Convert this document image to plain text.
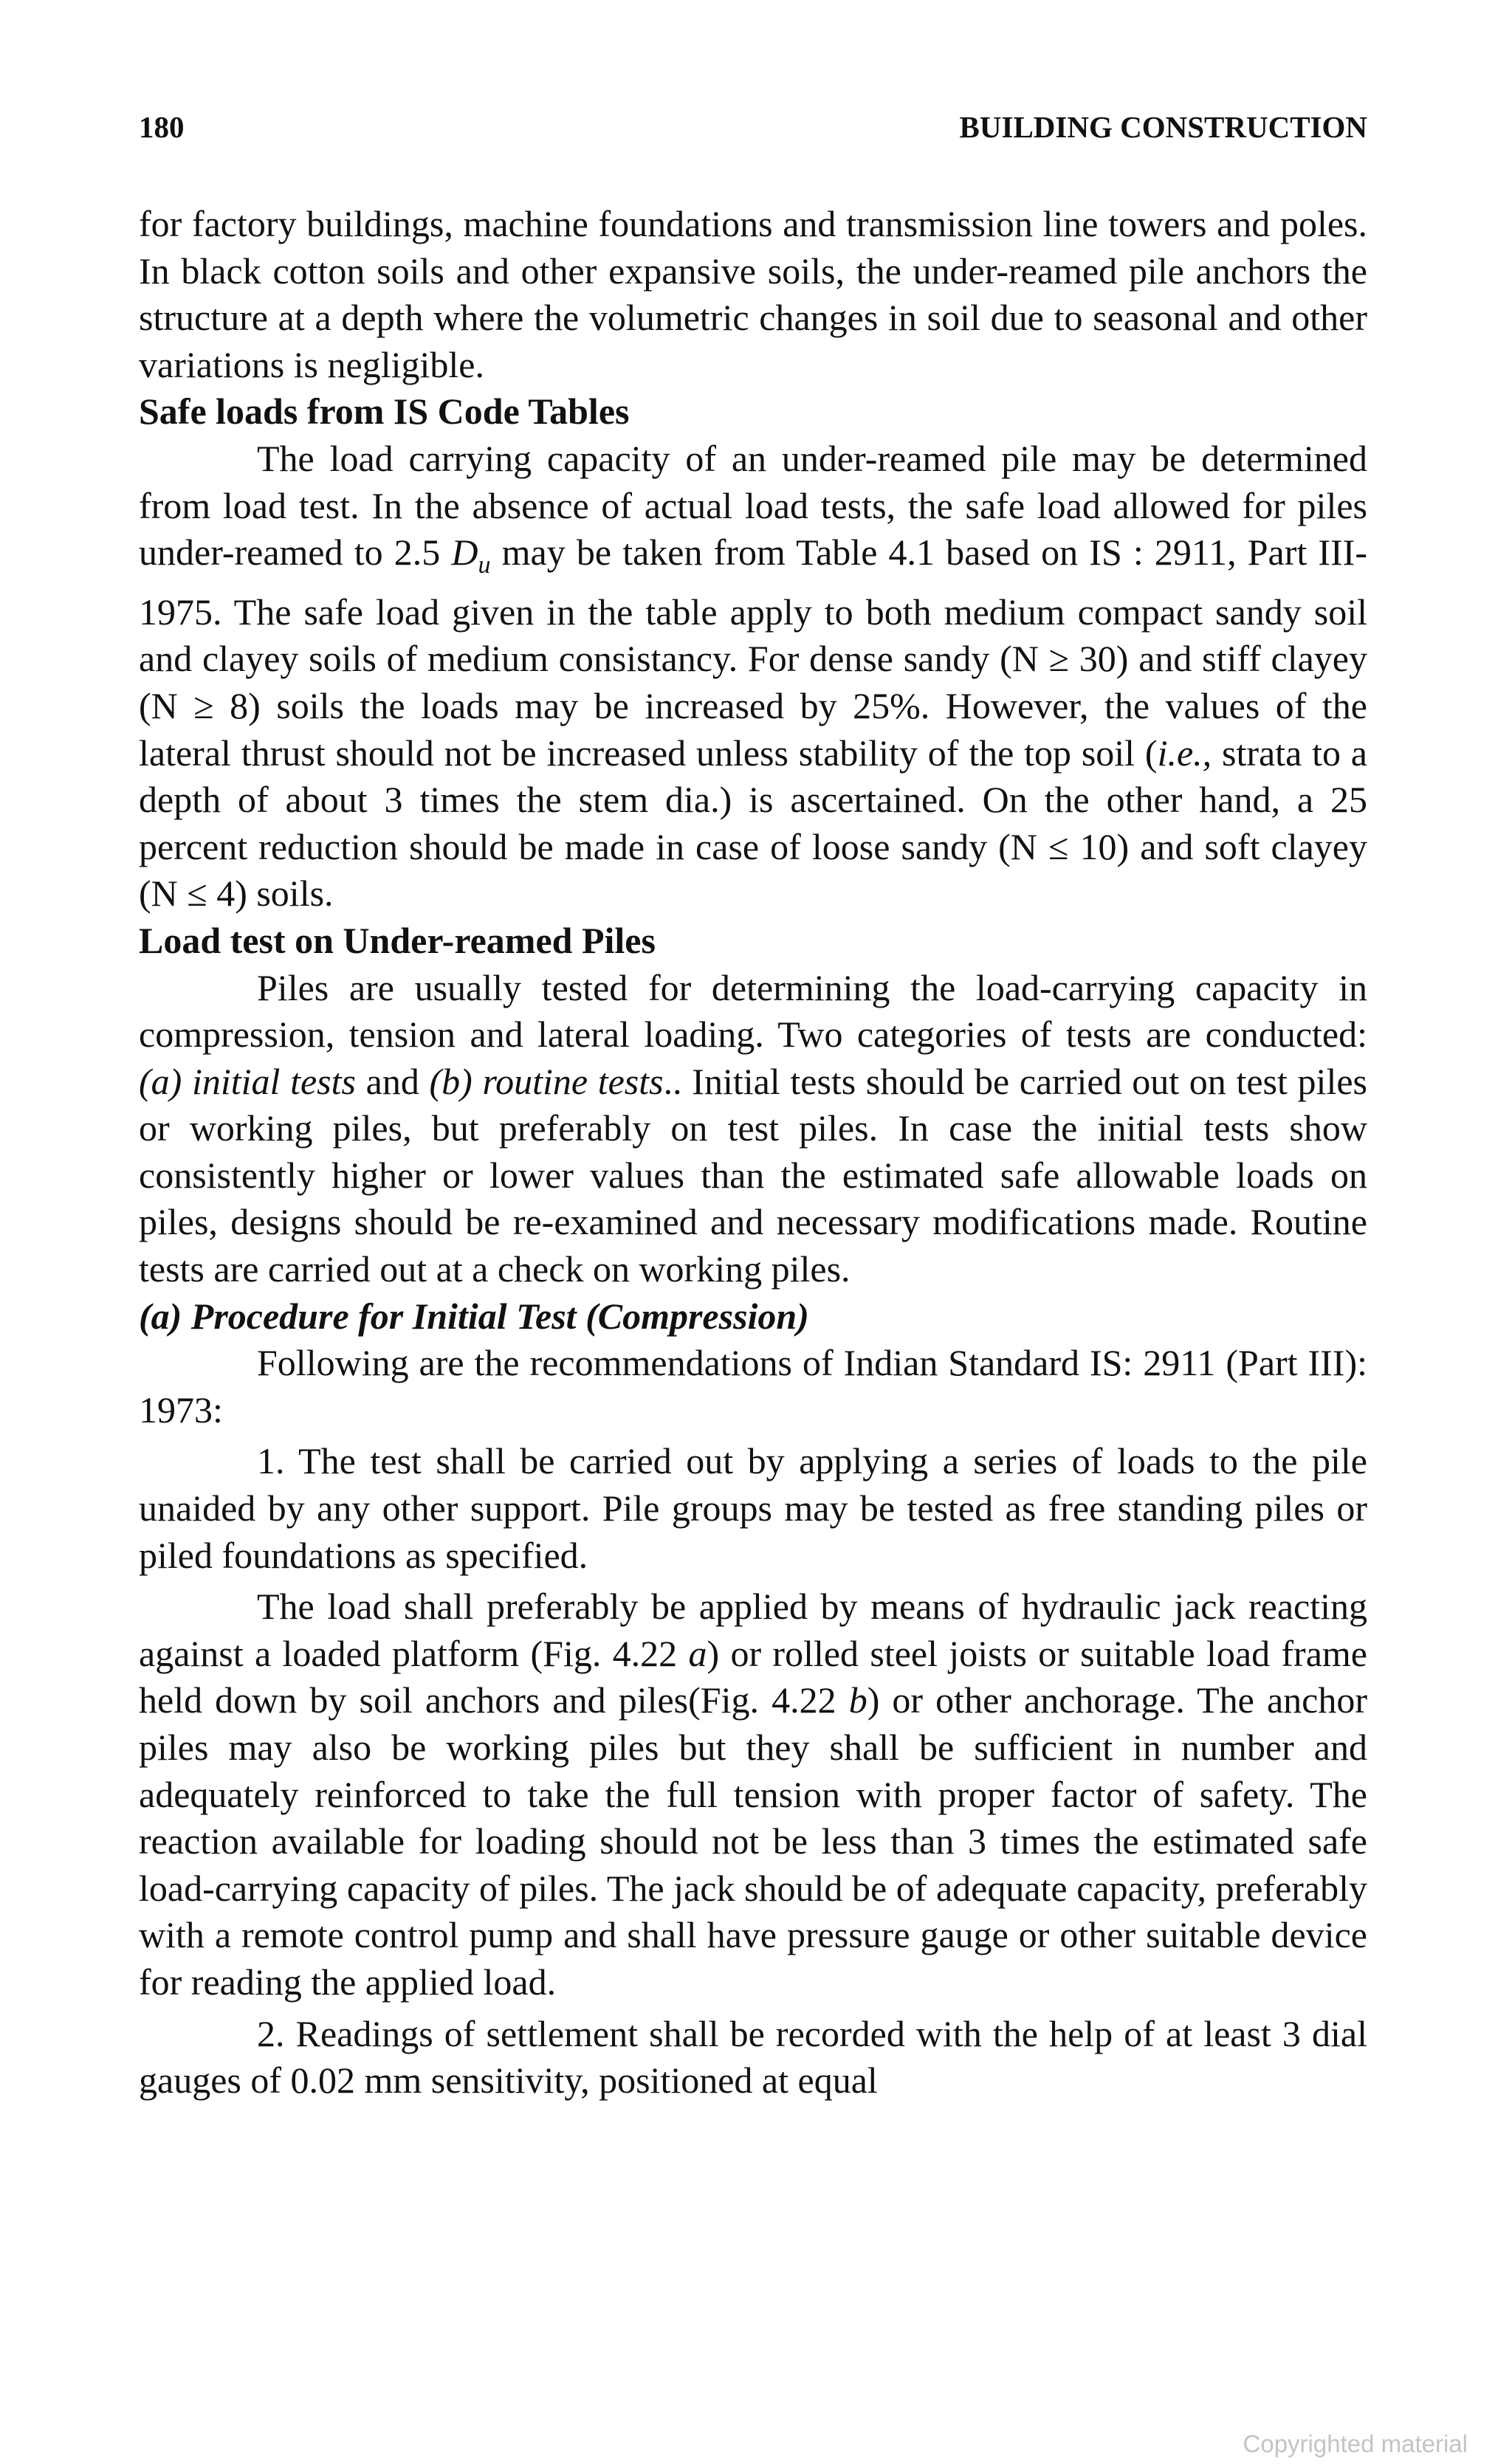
180	BUILDING CONSTRUCTION

for factory buildings, machine foundations and transmission line towers and poles. In black cotton soils and other expansive soils, the under-reamed pile anchors the structure at a depth where the volumetric changes in soil due to seasonal and other variations is negligible.

Safe loads from IS Code Tables

The load carrying capacity of an under-reamed pile may be determined from load test. In the absence of actual load tests, the safe load allowed for piles under-reamed to 2.5 $D_u$ may be taken from Table 4.1 based on IS : 2911, Part III-1975. The safe load given in the table apply to both medium compact sandy soil and clayey soils of medium consistancy. For dense sandy (N ≥ 30) and stiff clayey (N ≥ 8) soils the loads may be increased by 25%. However, the values of the lateral thrust should not be increased unless stability of the top soil (i.e., strata to a depth of about 3 times the stem dia.) is ascertained. On the other hand, a 25 percent reduction should be made in case of loose sandy (N ≤ 10) and soft clayey (N ≤ 4) soils.

Load test on Under-reamed Piles

Piles are usually tested for determining the load-carrying capacity in compression, tension and lateral loading. Two categories of tests are conducted: (a) initial tests and (b) routine tests.. Initial tests should be carried out on test piles or working piles, but preferably on test piles. In case the initial tests show consistently higher or lower values than the estimated safe allowable loads on piles, designs should be re-examined and necessary modifications made. Routine tests are carried out at a check on working piles.

(a) Procedure for Initial Test (Compression)

Following are the recommendations of Indian Standard IS: 2911 (Part III): 1973:

1. The test shall be carried out by applying a series of loads to the pile unaided by any other support. Pile groups may be tested as free standing piles or piled foundations as specified.

The load shall preferably be applied by means of hydraulic jack reacting against a loaded platform (Fig. 4.22 a) or rolled steel joists or suitable load frame held down by soil anchors and piles(Fig. 4.22 b) or other anchorage. The anchor piles may also be working piles but they shall be sufficient in number and adequately reinforced to take the full tension with proper factor of safety. The reaction available for loading should not be less than 3 times the estimated safe load-carrying capacity of piles. The jack should be of adequate capacity, preferably with a remote control pump and shall have pressure gauge or other suitable device for reading the applied load.

2. Readings of settlement shall be recorded with the help of at least 3 dial gauges of 0.02 mm sensitivity, positioned at equal

Copyrighted material
